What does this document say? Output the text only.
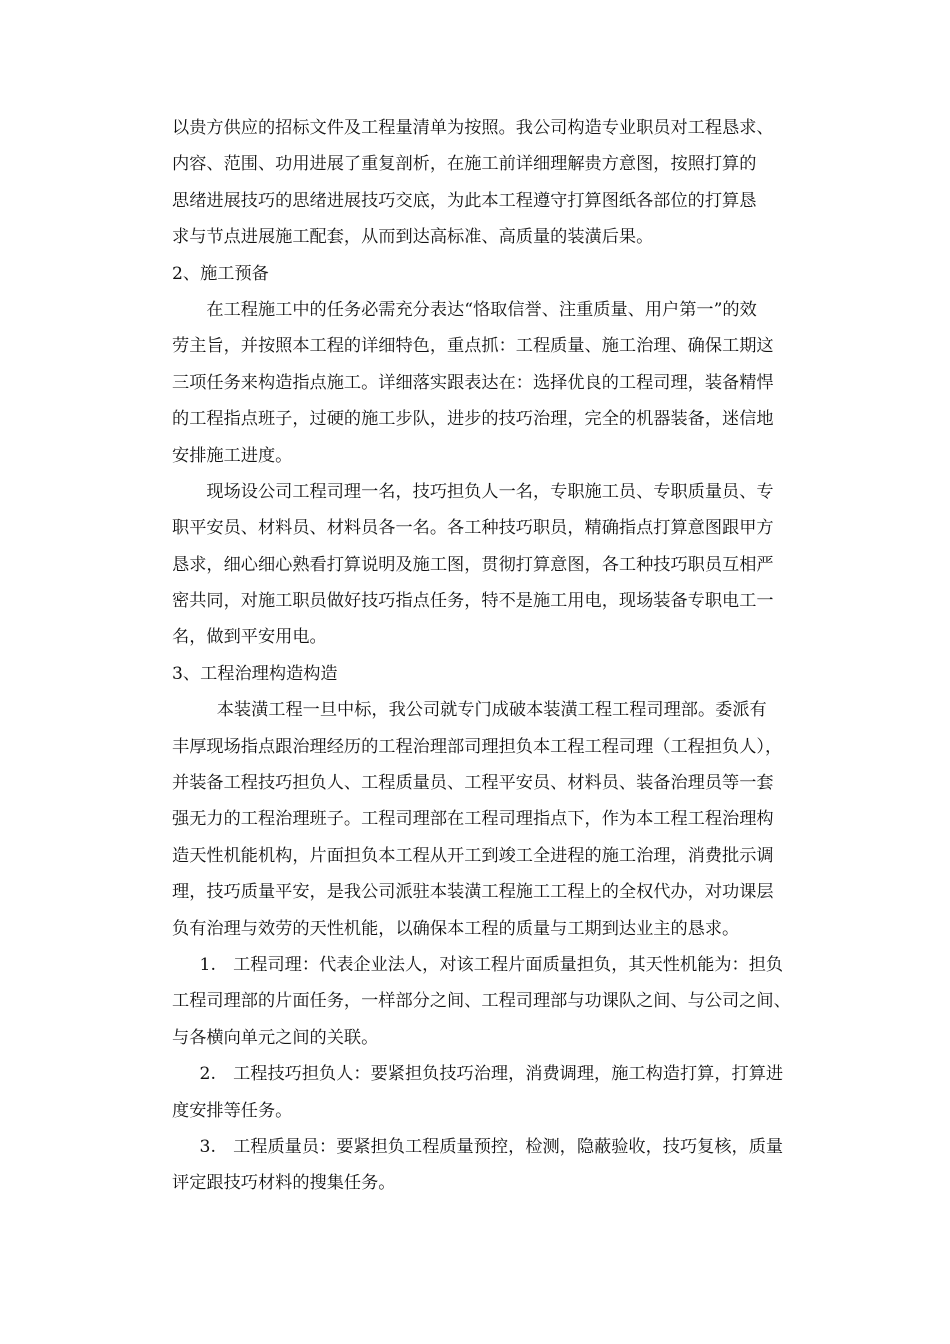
以贵方供应的招标文件及工程量清单为按照。我公司构造专业职员对工程恳求、
内容、范围、功用进展了重复剖析，在施工前详细理解贵方意图，按照打算的
思绪进展技巧的思绪进展技巧交底，为此本工程遵守打算图纸各部位的打算恳
求与节点进展施工配套，从而到达高标准、高质量的装潢后果。
2、施工预备
在工程施工中的任务必需充分表达“恪取信誉、注重质量、用户第一”的效
劳主旨，并按照本工程的详细特色，重点抓：工程质量、施工治理、确保工期这
三项任务来构造指点施工。详细落实跟表达在：选择优良的工程司理，装备精悍
的工程指点班子，过硬的施工步队，进步的技巧治理，完全的机器装备，迷信地
安排施工进度。
现场设公司工程司理一名，技巧担负人一名，专职施工员、专职质量员、专
职平安员、材料员、材料员各一名。各工种技巧职员，精确指点打算意图跟甲方
恳求，细心细心熟看打算说明及施工图，贯彻打算意图，各工种技巧职员互相严
密共同，对施工职员做好技巧指点任务，特不是施工用电，现场装备专职电工一
名，做到平安用电。
3、工程治理构造构造
本装潢工程一旦中标，我公司就专门成破本装潢工程工程司理部。委派有
丰厚现场指点跟治理经历的工程治理部司理担负本工程工程司理（工程担负人），
并装备工程技巧担负人、工程质量员、工程平安员、材料员、装备治理员等一套
强无力的工程治理班子。工程司理部在工程司理指点下，作为本工程工程治理构
造天性机能机构，片面担负本工程从开工到竣工全进程的施工治理，消费批示调
理，技巧质量平安，是我公司派驻本装潢工程施工工程上的全权代办，对功课层
负有治理与效劳的天性机能，以确保本工程的质量与工期到达业主的恳求。
1.　工程司理：代表企业法人，对该工程片面质量担负，其天性机能为：担负
工程司理部的片面任务，一样部分之间、工程司理部与功课队之间、与公司之间、
与各横向单元之间的关联。
2.　工程技巧担负人：要紧担负技巧治理，消费调理，施工构造打算，打算进
度安排等任务。
3.　工程质量员：要紧担负工程质量预控，检测，隐蔽验收，技巧复核，质量
评定跟技巧材料的搜集任务。
